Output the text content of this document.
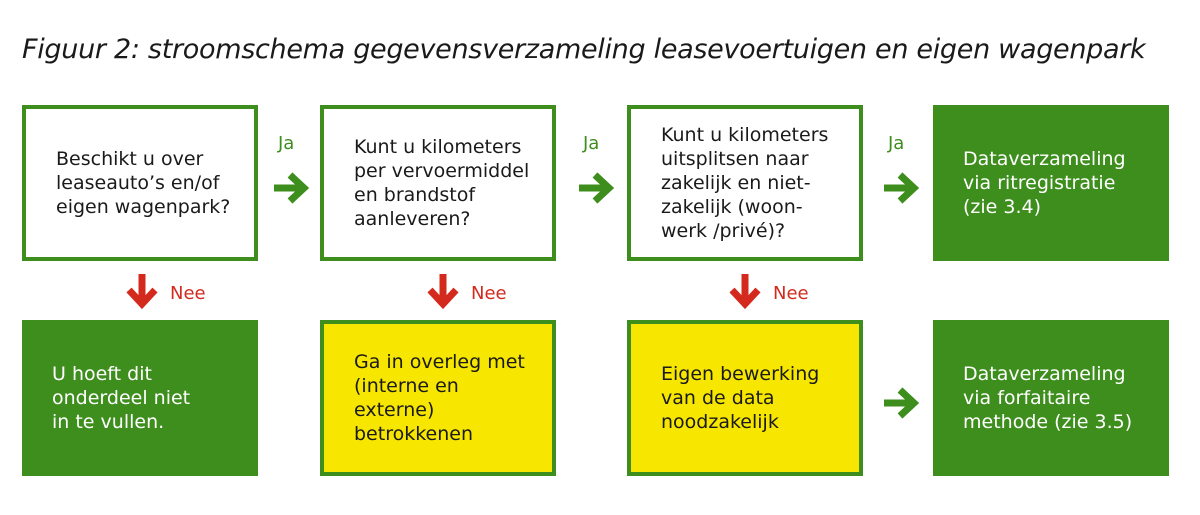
Figuur 2: stroomschema gegevensverzameling leasevoertuigen en eigen wagenpark
Beschikt u over
leaseauto’s en/of
eigen wagenpark?
Kunt u kilometers
per vervoermiddel
en brandstof
aanleveren?
Kunt u kilometers
uitsplitsen naar
zakelijk en niet-
zakelijk (woon-
werk /privé)?
Dataverzameling
via ritregistratie
(zie 3.4)
U hoeft dit
onderdeel niet
in te vullen.
Ga in overleg met
(interne en externe)
betrokkenen
Eigen bewerking
van de data
noodzakelijk
Dataverzameling
via forfaitaire
methode (zie 3.5)
Ja	Ja	Ja
Nee	Nee	Nee
